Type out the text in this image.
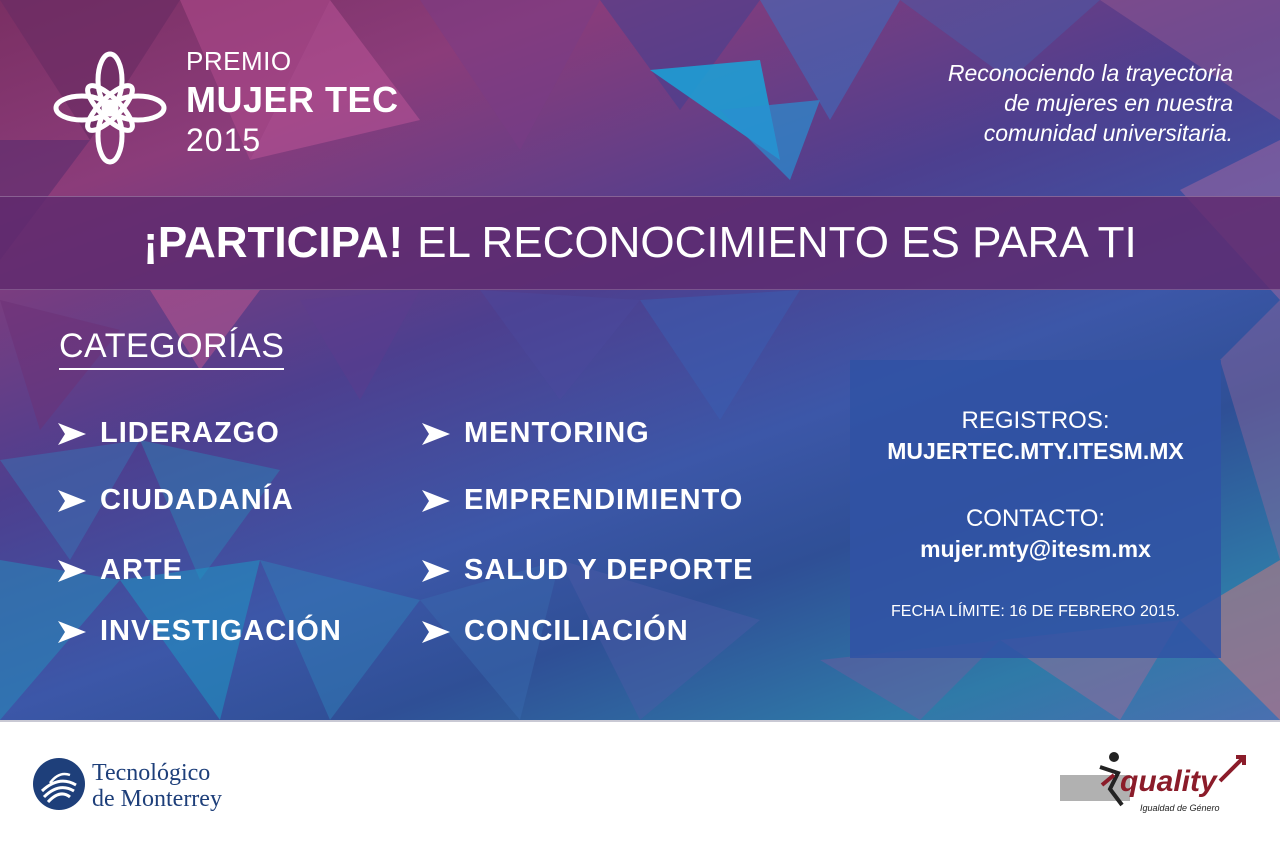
PREMIO
MUJER TEC
2015
Reconociendo la trayectoria
de mujeres en nuestra
comunidad universitaria.
¡PARTICIPA! EL RECONOCIMIENTO ES PARA TI
CATEGORÍAS
LIDERAZGO
CIUDADANÍA
ARTE
INVESTIGACIÓN
MENTORING
EMPRENDIMIENTO
SALUD Y DEPORTE
CONCILIACIÓN
REGISTROS:
MUJERTEC.MTY.ITESM.MX
CONTACTO:
mujer.mty@itesm.mx
FECHA LÍMITE: 16 DE FEBRERO 2015.
Tecnológico
de Monterrey
quality
Igualdad de Género
